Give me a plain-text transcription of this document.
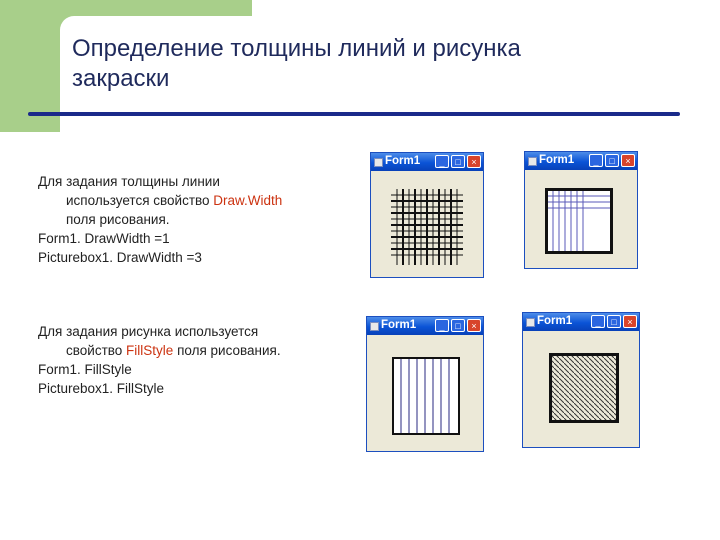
Определение толщины линий и рисунка
закраски
Для задания толщины линии
используется свойство Draw.Width
поля рисования.
Form1. DrawWidth =1
Picturebox1. DrawWidth =3
Для задания рисунка используется
свойство FillStyle поля рисования.
Form1. FillStyle
Picturebox1. FillStyle
Form1	_	□	×	Form1	_	□	×
Form1	_	□	×	Form1	_	□	×
